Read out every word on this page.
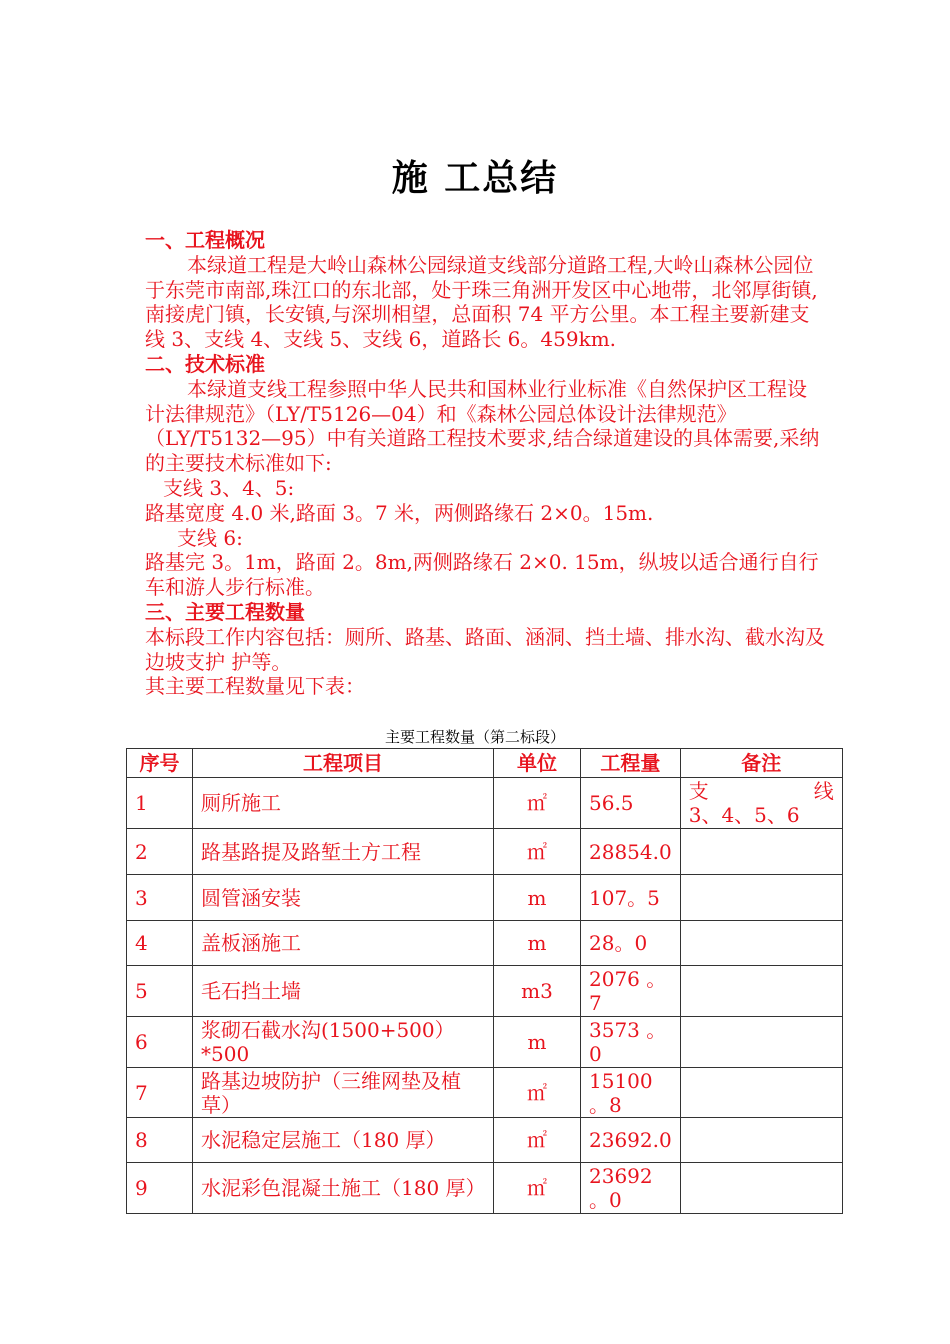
施 工总结

一、工程概况

本绿道工程是大岭山森林公园绿道支线部分道路工程,大岭山森林公园位于东莞市南部,珠江口的东北部，处于珠三角洲开发区中心地带，北邻厚街镇,南接虎门镇，长安镇,与深圳相望，总面积 74 平方公里。本工程主要新建支线 3、支线 4、支线 5、支线 6，道路长 6。459km.

二、技术标准

本绿道支线工程参照中华人民共和国林业行业标准《自然保护区工程设计法律规范》（LY/T5126—04）和《森林公园总体设计法律规范》（LY/T5132—95）中有关道路工程技术要求,结合绿道建设的具体需要,采纳的主要技术标准如下:

支线 3、4、5:

路基宽度 4.0 米,路面 3。7 米，两侧路缘石 2×0。15m.

支线 6:

路基完 3。1m，路面 2。8m,两侧路缘石 2×0. 15m，纵坡以适合通行自行车和游人步行标准。

三、主要工程数量

本标段工作内容包括：厕所、路基、路面、涵洞、挡土墙、排水沟、截水沟及边坡支护 护等。

其主要工程数量见下表：

主要工程数量（第二标段）
序号	工程项目	单位	工程量	备注
1	厕所施工	㎡	56.5	支 线
3、4、5、6

2	路基路提及路堑土方工程	㎡	28854.0	
3	圆管涵安装	m	107。5	
4	盖板涵施工	m	28。0	
5	毛石挡土墙	m3	2076 。7	
6	浆砌石截水沟(1500+500）*500	m	3573 。0	
7	路基边坡防护（三维网垫及植草）	㎡	15100 。8	
8	水泥稳定层施工（180 厚）	㎡	23692.0	
9	水泥彩色混凝土施工（180 厚）	㎡	23692 。0	
